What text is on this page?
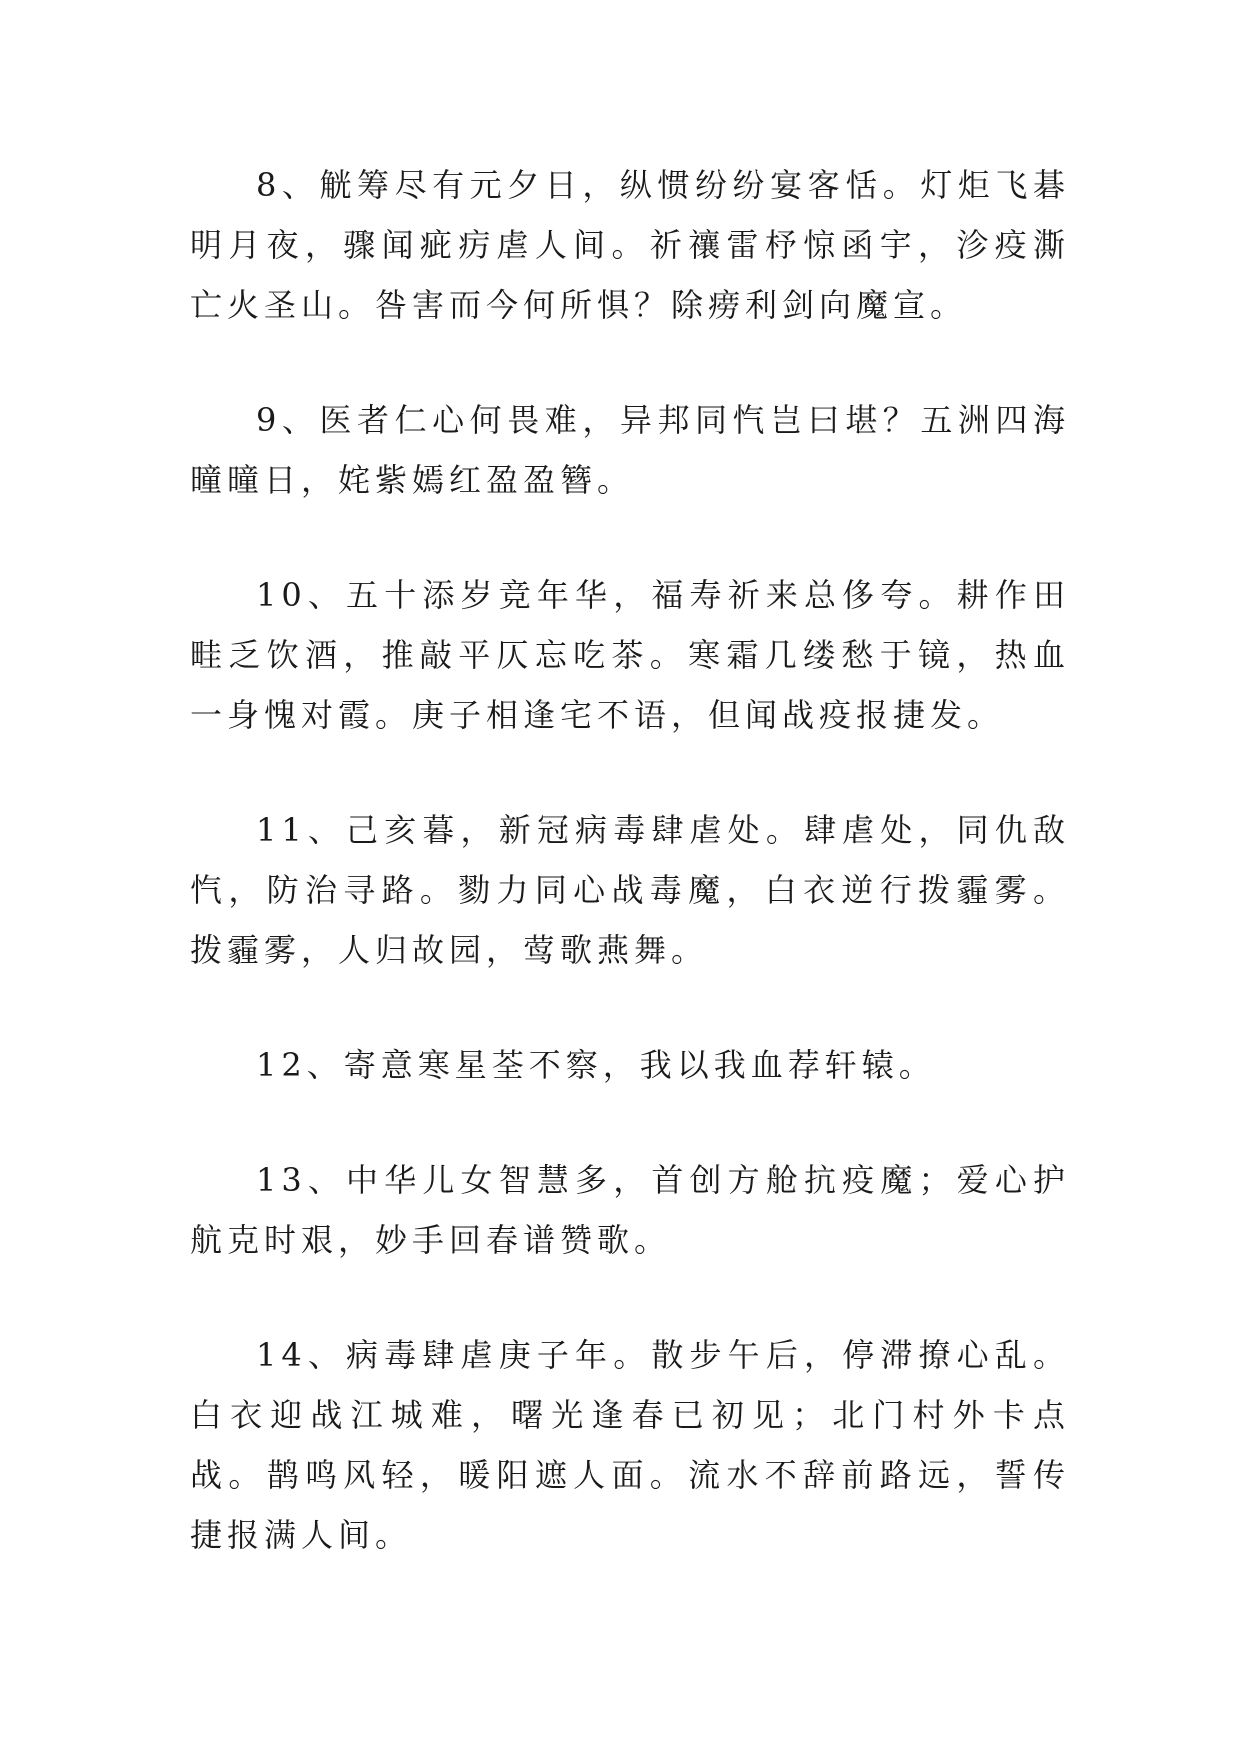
8、觥筹尽有元夕日，纵惯纷纷宴客恬。灯炬飞碁明月夜，骤闻疵疠虐人间。祈禳雷杼惊函宇，沴疫澌亡火圣山。咎害而今何所惧？除痨利剑向魔宣。

9、医者仁心何畏难，异邦同忾岂曰堪？五洲四海曈曈日，姹紫嫣红盈盈簪。

10、五十添岁竞年华，福寿祈来总侈夸。耕作田畦乏饮酒，推敲平仄忘吃茶。寒霜几缕愁于镜，热血一身愧对霞。庚子相逢宅不语，但闻战疫报捷发。

11、己亥暮，新冠病毒肆虐处。肆虐处，同仇敌忾，防治寻路。勠力同心战毒魔，白衣逆行拨霾雾。拨霾雾，人归故园，莺歌燕舞。

12、寄意寒星荃不察，我以我血荐轩辕。

13、中华儿女智慧多，首创方舱抗疫魔；爱心护航克时艰，妙手回春谱赞歌。

14、病毒肆虐庚子年。散步午后，停滞撩心乱。白衣迎战江城难，曙光逢春已初见；北门村外卡点战。鹊鸣风轻，暖阳遮人面。流水不辞前路远，誓传捷报满人间。
